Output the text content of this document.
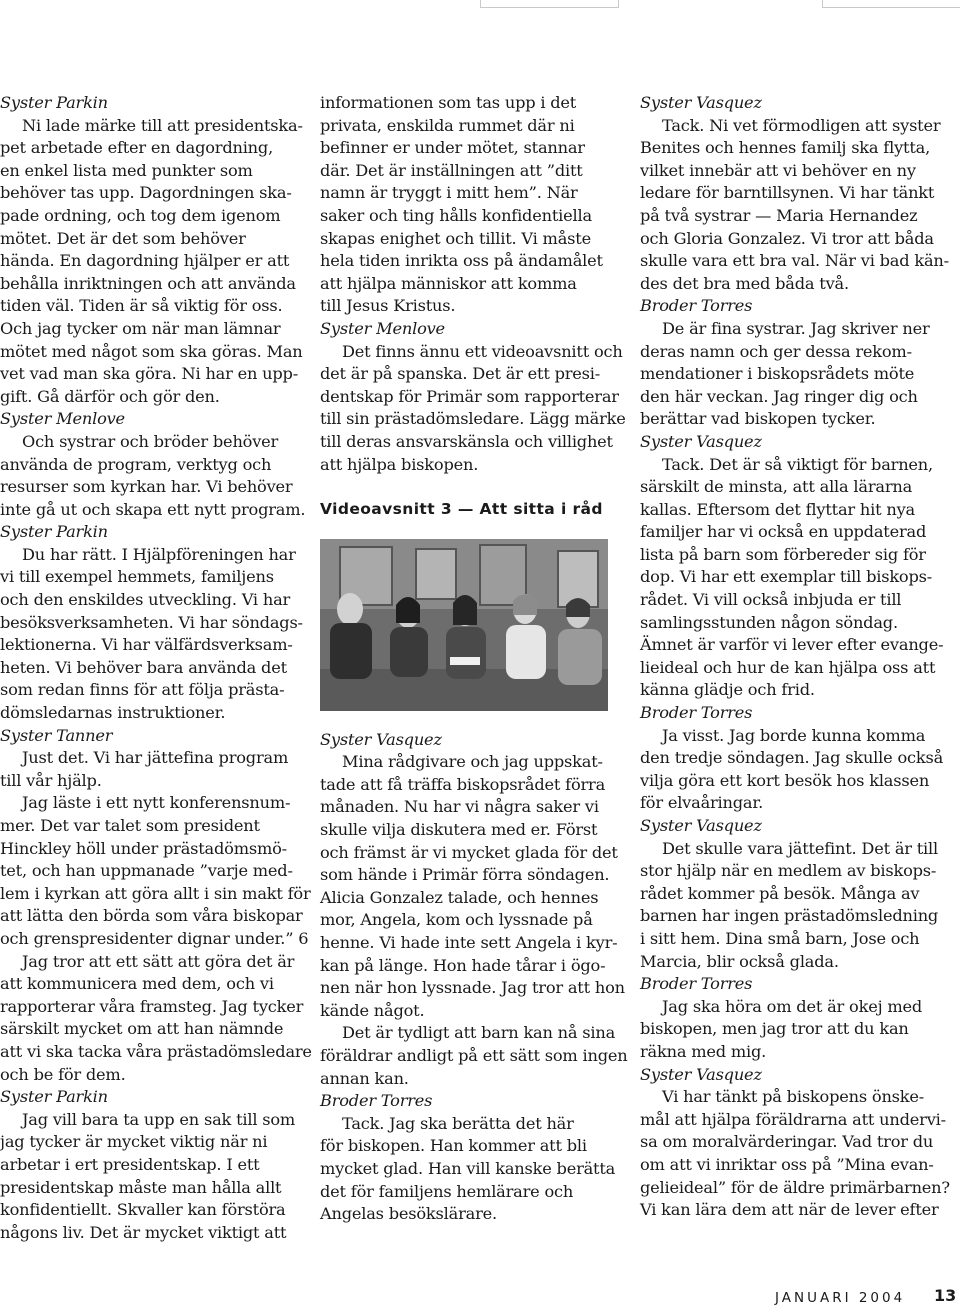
Syster Parkin

Ni lade märke till att presidentska-
pet arbetade efter en dagordning,
en enkel lista med punkter som
behöver tas upp. Dagordningen ska-
pade ordning, och tog dem igenom
mötet. Det är det som behöver
hända. En dagordning hjälper er att
behålla inriktningen och att använda
tiden väl. Tiden är så viktig för oss.
Och jag tycker om när man lämnar
mötet med något som ska göras. Man
vet vad man ska göra. Ni har en upp-
gift. Gå därför och gör den.

Syster Menlove

Och systrar och bröder behöver
använda de program, verktyg och
resurser som kyrkan har. Vi behöver
inte gå ut och skapa ett nytt program.

Syster Parkin

Du har rätt. I Hjälpföreningen har
vi till exempel hemmets, familjens
och den enskildes utveckling. Vi har
besöksverksamheten. Vi har söndags-
lektionerna. Vi har välfärdsverksam-
heten. Vi behöver bara använda det
som redan finns för att följa prästa-
dömsledarnas instruktioner.

Syster Tanner

Just det. Vi har jättefina program
till vår hjälp.
Jag läste i ett nytt konferensnum-
mer. Det var talet som president
Hinckley höll under prästadömsmö-
tet, och han uppmanade ”varje med-
lem i kyrkan att göra allt i sin makt för
att lätta den börda som våra biskopar
och grenspresidenter dignar under.” 6
Jag tror att ett sätt att göra det är
att kommunicera med dem, och vi
rapporterar våra framsteg. Jag tycker
särskilt mycket om att han nämnde
att vi ska tacka våra prästadömsledare
och be för dem.

Syster Parkin

Jag vill bara ta upp en sak till som
jag tycker är mycket viktig när ni
arbetar i ert presidentskap. I ett
presidentskap måste man hålla allt
konfidentiellt. Skvaller kan förstöra
någons liv. Det är mycket viktigt att

informationen som tas upp i det
privata, enskilda rummet där ni
befinner er under mötet, stannar
där. Det är inställningen att ”ditt
namn är tryggt i mitt hem”. När
saker och ting hålls konfidentiella
skapas enighet och tillit. Vi måste
hela tiden inrikta oss på ändamålet
att hjälpa människor att komma
till Jesus Kristus.

Syster Menlove

Det finns ännu ett videoavsnitt och
det är på spanska. Det är ett presi-
dentskap för Primär som rapporterar
till sin prästadömsledare. Lägg märke
till deras ansvarskänsla och villighet
att hjälpa biskopen.

Videoavsnitt 3 — Att sitta i råd

Syster Vasquez

Mina rådgivare och jag uppskat-
tade att få träffa biskopsrådet förra
månaden. Nu har vi några saker vi
skulle vilja diskutera med er. Först
och främst är vi mycket glada för det
som hände i Primär förra söndagen.
Alicia Gonzalez talade, och hennes
mor, Angela, kom och lyssnade på
henne. Vi hade inte sett Angela i kyr-
kan på länge. Hon hade tårar i ögo-
nen när hon lyssnade. Jag tror att hon
kände något.
Det är tydligt att barn kan nå sina
föräldrar andligt på ett sätt som ingen
annan kan.

Broder Torres

Tack. Jag ska berätta det här
för biskopen. Han kommer att bli
mycket glad. Han vill kanske berätta
det för familjens hemlärare och
Angelas besökslärare.

Syster Vasquez

Tack. Ni vet förmodligen att syster
Benites och hennes familj ska flytta,
vilket innebär att vi behöver en ny
ledare för barntillsynen. Vi har tänkt
på två systrar — Maria Hernandez
och Gloria Gonzalez. Vi tror att båda
skulle vara ett bra val. När vi bad kän-
des det bra med båda två.

Broder Torres

De är fina systrar. Jag skriver ner
deras namn och ger dessa rekom-
mendationer i biskopsrådets möte
den här veckan. Jag ringer dig och
berättar vad biskopen tycker.

Syster Vasquez

Tack. Det är så viktigt för barnen,
särskilt de minsta, att alla lärarna
kallas. Eftersom det flyttar hit nya
familjer har vi också en uppdaterad
lista på barn som förbereder sig för
dop. Vi har ett exemplar till biskops-
rådet. Vi vill också inbjuda er till
samlingsstunden någon söndag.
Ämnet är varför vi lever efter evange-
lieideal och hur de kan hjälpa oss att
känna glädje och frid.

Broder Torres

Ja visst. Jag borde kunna komma
den tredje söndagen. Jag skulle också
vilja göra ett kort besök hos klassen
för elvaåringar.

Syster Vasquez

Det skulle vara jättefint. Det är till
stor hjälp när en medlem av biskops-
rådet kommer på besök. Många av
barnen har ingen prästadömsledning
i sitt hem. Dina små barn, Jose och
Marcia, blir också glada.

Broder Torres

Jag ska höra om det är okej med
biskopen, men jag tror att du kan
räkna med mig.

Syster Vasquez

Vi har tänkt på biskopens önske-
mål att hjälpa föräldrarna att undervi-
sa om moralvärderingar. Vad tror du
om att vi inriktar oss på ”Mina evan-
gelieideal” för de äldre primärbarnen?
Vi kan lära dem att när de lever efter

JANUARI 2004 13
